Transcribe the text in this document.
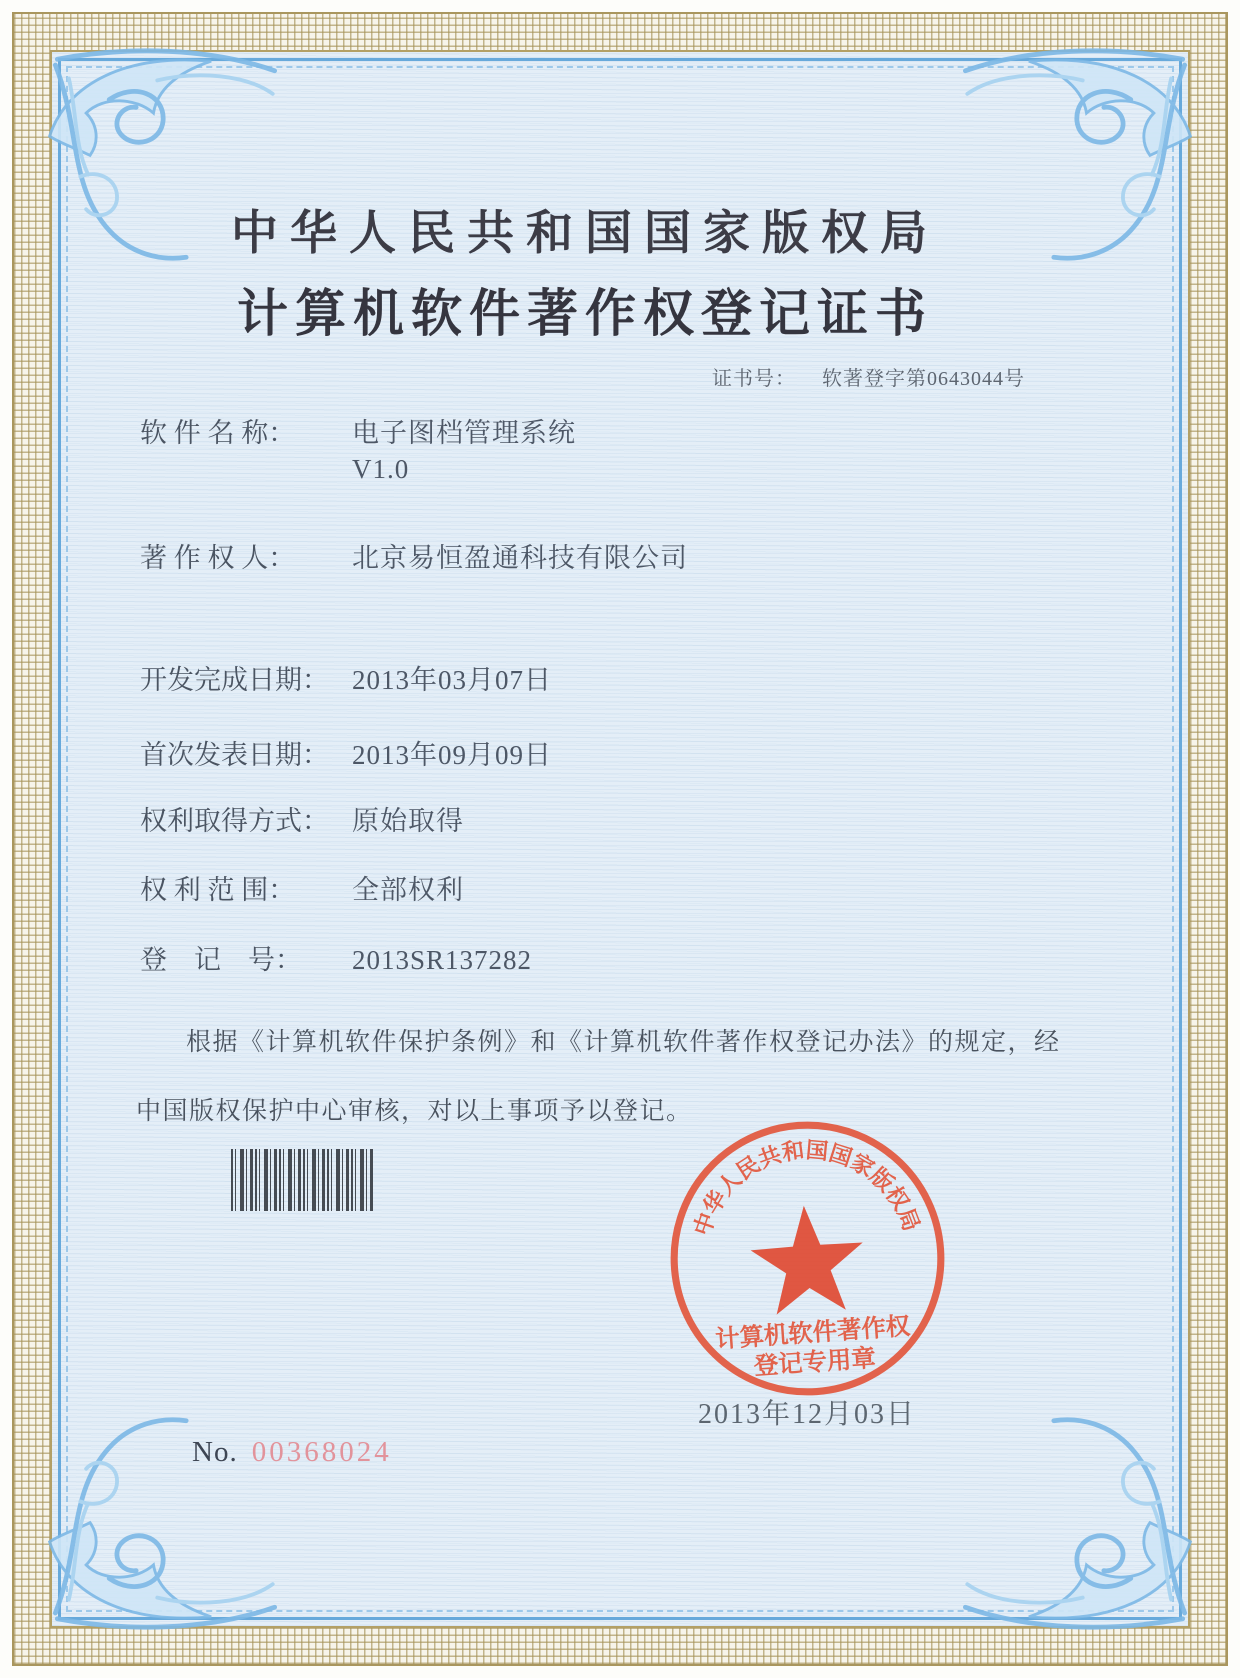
中华人民共和国国家版权局
计算机软件著作权登记证书
证书号： 软著登字第0643044号
软 件 名 称：	电子图档管理系统
V1.0
著 作 权 人：	北京易恒盈通科技有限公司
开发完成日期： 2013年03月07日
首次发表日期： 2013年09月09日
权利取得方式： 原始取得
权 利 范 围：	全部权利
登　记　号：	2013SR137282
根据《计算机软件保护条例》和《计算机软件著作权登记办法》的规定，经中国版权保护中心审核，对以上事项予以登记。
中华人民共和国国家版权局
计算机软件著作权
登记专用章
2013年12月03日
No. 00368024
